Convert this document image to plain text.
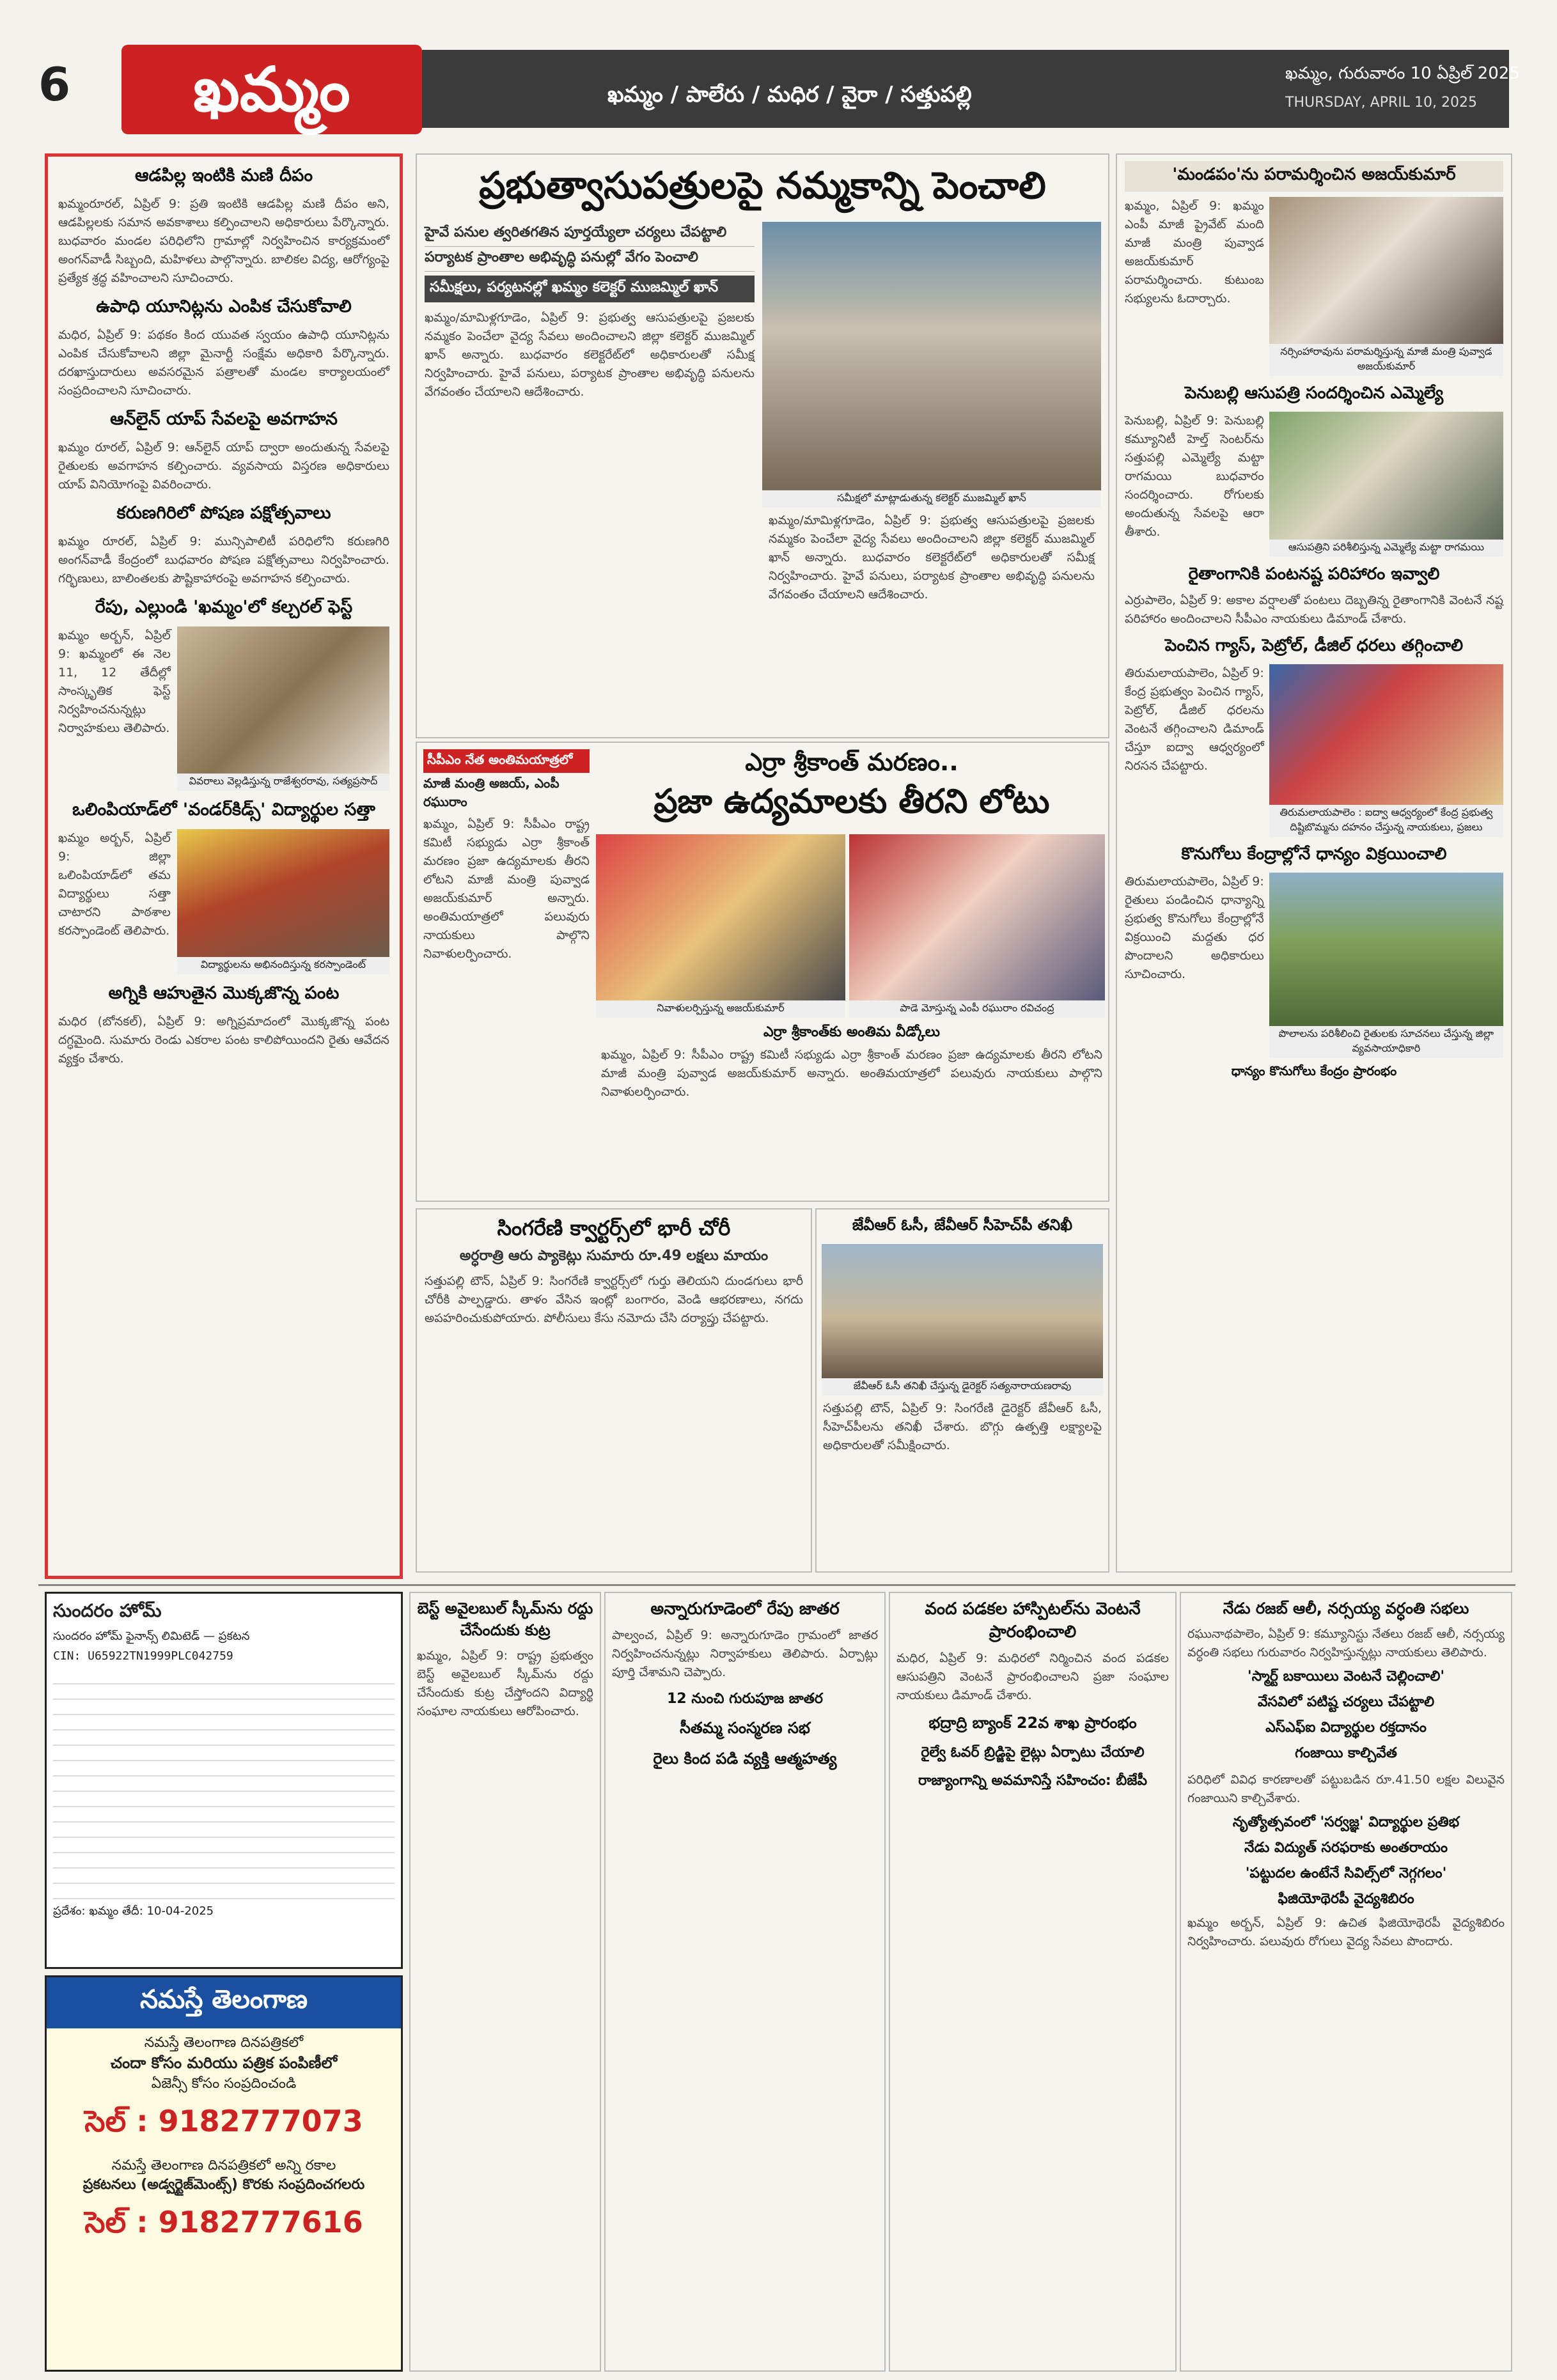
6	ఖమ్మం	ఖమ్మం / పాలేరు / మధిర / వైరా / సత్తుపల్లి
ఖమ్మం, గురువారం 10 ఏప్రిల్ 2025
THURSDAY, APRIL 10, 2025
ఆడపిల్ల ఇంటికి మణి దీపం
ఖమ్మంరూరల్, ఏప్రిల్ 9: ప్రతి ఇంటికి ఆడపిల్ల మణి దీపం అని, ఆడపిల్లలకు సమాన అవకాశాలు కల్పించాలని అధికారులు పేర్కొన్నారు. బుధవారం మండల పరిధిలోని గ్రామాల్లో నిర్వహించిన కార్యక్రమంలో అంగన్‌వాడీ సిబ్బంది, మహిళలు పాల్గొన్నారు. బాలికల విద్య, ఆరోగ్యంపై ప్రత్యేక శ్రద్ధ వహించాలని సూచించారు.
ఉపాధి యూనిట్లను ఎంపిక చేసుకోవాలి
మధిర, ఏప్రిల్ 9: పథకం కింద యువత స్వయం ఉపాధి యూనిట్లను ఎంపిక చేసుకోవాలని జిల్లా మైనార్టీ సంక్షేమ అధికారి పేర్కొన్నారు. దరఖాస్తుదారులు అవసరమైన పత్రాలతో మండల కార్యాలయంలో సంప్రదించాలని సూచించారు.
ఆన్‌లైన్ యాప్ సేవలపై అవగాహన
ఖమ్మం రూరల్, ఏప్రిల్ 9: ఆన్‌లైన్ యాప్ ద్వారా అందుతున్న సేవలపై రైతులకు అవగాహన కల్పించారు. వ్యవసాయ విస్తరణ అధికారులు యాప్ వినియోగంపై వివరించారు.
కరుణగిరిలో పోషణ పక్షోత్సవాలు
ఖమ్మం రూరల్, ఏప్రిల్ 9: మున్సిపాలిటీ పరిధిలోని కరుణగిరి అంగన్‌వాడీ కేంద్రంలో బుధవారం పోషణ పక్షోత్సవాలు నిర్వహించారు. గర్భిణులు, బాలింతలకు పౌష్టికాహారంపై అవగాహన కల్పించారు.
రేపు, ఎల్లుండి 'ఖమ్మం'లో కల్చరల్ ఫెస్ట్
ఖమ్మం అర్బన్, ఏప్రిల్ 9: ఖమ్మంలో ఈ నెల 11, 12 తేదీల్లో సాంస్కృతిక ఫెస్ట్ నిర్వహించనున్నట్లు నిర్వాహకులు తెలిపారు.
వివరాలు వెల్లడిస్తున్న రాజేశ్వరరావు, సత్యప్రసాద్
ఒలింపియాడ్‌లో 'వండర్‌కిడ్స్' విద్యార్థుల సత్తా
ఖమ్మం అర్బన్, ఏప్రిల్ 9: జిల్లా ఒలింపియాడ్‌లో తమ విద్యార్థులు సత్తా చాటారని పాఠశాల కరస్పాండెంట్ తెలిపారు.
విద్యార్థులను అభినందిస్తున్న కరస్పాండెంట్
అగ్నికి ఆహుతైన మొక్కజొన్న పంట
మధిర (బోనకల్), ఏప్రిల్ 9: అగ్నిప్రమాదంలో మొక్కజొన్న పంట దగ్ధమైంది. సుమారు రెండు ఎకరాల పంట కాలిపోయిందని రైతు ఆవేదన వ్యక్తం చేశారు.
ప్రభుత్వాసుపత్రులపై నమ్మకాన్ని పెంచాలి
హైవే పనుల త్వరితగతిన పూర్తయ్యేలా చర్యలు చేపట్టాలి
పర్యాటక ప్రాంతాల అభివృద్ధి పనుల్లో వేగం పెంచాలి
సమీక్షలు, పర్యటనల్లో ఖమ్మం కలెక్టర్ ముజమ్మిల్ ఖాన్
ఖమ్మం/మామిళ్లగూడెం, ఏప్రిల్ 9: ప్రభుత్వ ఆసుపత్రులపై ప్రజలకు నమ్మకం పెంచేలా వైద్య సేవలు అందించాలని జిల్లా కలెక్టర్ ముజమ్మిల్ ఖాన్ అన్నారు. బుధవారం కలెక్టరేట్‌లో అధికారులతో సమీక్ష నిర్వహించారు. హైవే పనులు, పర్యాటక ప్రాంతాల అభివృద్ధి పనులను వేగవంతం చేయాలని ఆదేశించారు.
సమీక్షలో మాట్లాడుతున్న కలెక్టర్ ముజమ్మిల్ ఖాన్
ఖమ్మం/మామిళ్లగూడెం, ఏప్రిల్ 9: ప్రభుత్వ ఆసుపత్రులపై ప్రజలకు నమ్మకం పెంచేలా వైద్య సేవలు అందించాలని జిల్లా కలెక్టర్ ముజమ్మిల్ ఖాన్ అన్నారు. బుధవారం కలెక్టరేట్‌లో అధికారులతో సమీక్ష నిర్వహించారు. హైవే పనులు, పర్యాటక ప్రాంతాల అభివృద్ధి పనులను వేగవంతం చేయాలని ఆదేశించారు.
సీపీఎం నేత అంతిమయాత్రలో
మాజీ మంత్రి అజయ్, ఎంపీ రఘురాం
ఖమ్మం, ఏప్రిల్ 9: సీపీఎం రాష్ట్ర కమిటీ సభ్యుడు ఎర్రా శ్రీకాంత్ మరణం ప్రజా ఉద్యమాలకు తీరని లోటని మాజీ మంత్రి పువ్వాడ అజయ్‌కుమార్ అన్నారు. అంతిమయాత్రలో పలువురు నాయకులు పాల్గొని నివాళులర్పించారు.
ఎర్రా శ్రీకాంత్ మరణం..
ప్రజా ఉద్యమాలకు తీరని లోటు
నివాళులర్పిస్తున్న అజయ్‌కుమార్	పాడె మోస్తున్న ఎంపీ రఘురాం రవిచంద్ర
ఎర్రా శ్రీకాంత్‌కు అంతిమ వీడ్కోలు
ఖమ్మం, ఏప్రిల్ 9: సీపీఎం రాష్ట్ర కమిటీ సభ్యుడు ఎర్రా శ్రీకాంత్ మరణం ప్రజా ఉద్యమాలకు తీరని లోటని మాజీ మంత్రి పువ్వాడ అజయ్‌కుమార్ అన్నారు. అంతిమయాత్రలో పలువురు నాయకులు పాల్గొని నివాళులర్పించారు.
సింగరేణి క్వార్టర్స్‌లో భారీ చోరీ
అర్ధరాత్రి ఆరు ప్యాకెట్లు సుమారు రూ.49 లక్షలు మాయం
సత్తుపల్లి టౌన్, ఏప్రిల్ 9: సింగరేణి క్వార్టర్స్‌లో గుర్తు తెలియని దుండగులు భారీ చోరీకి పాల్పడ్డారు. తాళం వేసిన ఇంట్లో బంగారం, వెండి ఆభరణాలు, నగదు అపహరించుకుపోయారు. పోలీసులు కేసు నమోదు చేసి దర్యాప్తు చేపట్టారు.
జేవీఆర్ ఓసీ, జేవీఆర్ సీహెచ్‌పీ తనిఖీ
జేవీఆర్ ఓసీ తనిఖీ చేస్తున్న డైరెక్టర్ సత్యనారాయణరావు
సత్తుపల్లి టౌన్, ఏప్రిల్ 9: సింగరేణి డైరెక్టర్ జేవీఆర్ ఓసీ, సీహెచ్‌పీలను తనిఖీ చేశారు. బొగ్గు ఉత్పత్తి లక్ష్యాలపై అధికారులతో సమీక్షించారు.
'మండపం'ను పరామర్శించిన అజయ్‌కుమార్
ఖమ్మం, ఏప్రిల్ 9: ఖమ్మం ఎంపీ మాజీ ప్రైవేట్ మంది మాజీ మంత్రి పువ్వాడ అజయ్‌కుమార్ పరామర్శించారు. కుటుంబ సభ్యులను ఓదార్చారు.
నర్సింహారావును పరామర్శిస్తున్న మాజీ మంత్రి పువ్వాడ అజయ్‌కుమార్
పెనుబల్లి ఆసుపత్రి సందర్శించిన ఎమ్మెల్యే
పెనుబల్లి, ఏప్రిల్ 9: పెనుబల్లి కమ్యూనిటీ హెల్త్ సెంటర్‌ను సత్తుపల్లి ఎమ్మెల్యే మట్టా రాగమయి బుధవారం సందర్శించారు. రోగులకు అందుతున్న సేవలపై ఆరా తీశారు.
ఆసుపత్రిని పరిశీలిస్తున్న ఎమ్మెల్యే మట్టా రాగమయి
రైతాంగానికి పంటనష్ట పరిహారం ఇవ్వాలి
ఎర్రుపాలెం, ఏప్రిల్ 9: అకాల వర్షాలతో పంటలు దెబ్బతిన్న రైతాంగానికి వెంటనే నష్ట పరిహారం అందించాలని సీపీఎం నాయకులు డిమాండ్ చేశారు.
పెంచిన గ్యాస్, పెట్రోల్, డీజిల్ ధరలు తగ్గించాలి
తిరుమలాయపాలెం, ఏప్రిల్ 9: కేంద్ర ప్రభుత్వం పెంచిన గ్యాస్, పెట్రోల్, డీజిల్ ధరలను వెంటనే తగ్గించాలని డిమాండ్ చేస్తూ ఐద్వా ఆధ్వర్యంలో నిరసన చేపట్టారు.
తిరుమలాయపాలెం : ఐద్వా ఆధ్వర్యంలో కేంద్ర ప్రభుత్వ దిష్టిబొమ్మను దహనం చేస్తున్న నాయకులు, ప్రజలు
కొనుగోలు కేంద్రాల్లోనే ధాన్యం విక్రయించాలి
తిరుమలాయపాలెం, ఏప్రిల్ 9: రైతులు పండించిన ధాన్యాన్ని ప్రభుత్వ కొనుగోలు కేంద్రాల్లోనే విక్రయించి మద్దతు ధర పొందాలని అధికారులు సూచించారు.
పొలాలను పరిశీలించి రైతులకు సూచనలు చేస్తున్న జిల్లా వ్యవసాయాధికారి
ధాన్యం కొనుగోలు కేంద్రం ప్రారంభం
సుందరం హోమ్
సుందరం హోమ్ ఫైనాన్స్ లిమిటెడ్ — ప్రకటన
CIN: U65922TN1999PLC042759
ప్రదేశం: ఖమ్మం తేదీ: 10-04-2025
నమస్తే తెలంగాణ
నమస్తే తెలంగాణ దినపత్రికలో
చందా కోసం మరియు పత్రిక పంపిణీలో
ఏజెన్సీ కోసం సంప్రదించండి
సెల్ : 9182777073
నమస్తే తెలంగాణ దినపత్రికలో అన్ని రకాల
ప్రకటనలు (అడ్వర్టైజ్‌మెంట్స్) కొరకు సంప్రదించగలరు
సెల్ : 9182777616
బెస్ట్ అవైలబుల్ స్కీమ్‌ను రద్దు చేసేందుకు కుట్ర
ఖమ్మం, ఏప్రిల్ 9: రాష్ట్ర ప్రభుత్వం బెస్ట్ అవైలబుల్ స్కీమ్‌ను రద్దు చేసేందుకు కుట్ర చేస్తోందని విద్యార్థి సంఘాల నాయకులు ఆరోపించారు.
అన్నారుగూడెంలో రేపు జాతర
పాల్వంచ, ఏప్రిల్ 9: అన్నారుగూడెం గ్రామంలో జాతర నిర్వహించనున్నట్లు నిర్వాహకులు తెలిపారు. ఏర్పాట్లు పూర్తి చేశామని చెప్పారు.
12 నుంచి గురుపూజ జాతర
సీతమ్మ సంస్మరణ సభ
రైలు కింద పడి వ్యక్తి ఆత్మహత్య
వంద పడకల హాస్పిటల్‌ను వెంటనే ప్రారంభించాలి
మధిర, ఏప్రిల్ 9: మధిరలో నిర్మించిన వంద పడకల ఆసుపత్రిని వెంటనే ప్రారంభించాలని ప్రజా సంఘాల నాయకులు డిమాండ్ చేశారు.
భద్రాద్రి బ్యాంక్ 22వ శాఖ ప్రారంభం
రైల్వే ఓవర్ బ్రిడ్జిపై లైట్లు ఏర్పాటు చేయాలి
రాజ్యాంగాన్ని అవమానిస్తే సహించం: బీజేపీ
నేడు రజబ్ ఆలీ, నర్సయ్య వర్ధంతి సభలు
రఘునాథపాలెం, ఏప్రిల్ 9: కమ్యూనిస్టు నేతలు రజబ్ ఆలీ, నర్సయ్య వర్ధంతి సభలు గురువారం నిర్వహిస్తున్నట్లు నాయకులు తెలిపారు.
'స్మార్ట్ బకాయిలు వెంటనే చెల్లించాలి'
వేసవిలో పటిష్ట చర్యలు చేపట్టాలి
ఎస్‌ఎఫ్‌ఐ విద్యార్థుల రక్తదానం
గంజాయి కాల్చివేత
పరిధిలో వివిధ కారణాలతో పట్టుబడిన రూ.41.50 లక్షల విలువైన గంజాయిని కాల్చివేశారు.
నృత్యోత్సవంలో 'సర్వజ్ఞ' విద్యార్థుల ప్రతిభ
నేడు విద్యుత్ సరఫరాకు అంతరాయం
'పట్టుదల ఉంటేనే సివిల్స్‌లో నెగ్గగలం'
ఫిజియోథెరపీ వైద్యశిబిరం
ఖమ్మం అర్బన్, ఏప్రిల్ 9: ఉచిత ఫిజియోథెరపీ వైద్యశిబిరం నిర్వహించారు. పలువురు రోగులు వైద్య సేవలు పొందారు.
